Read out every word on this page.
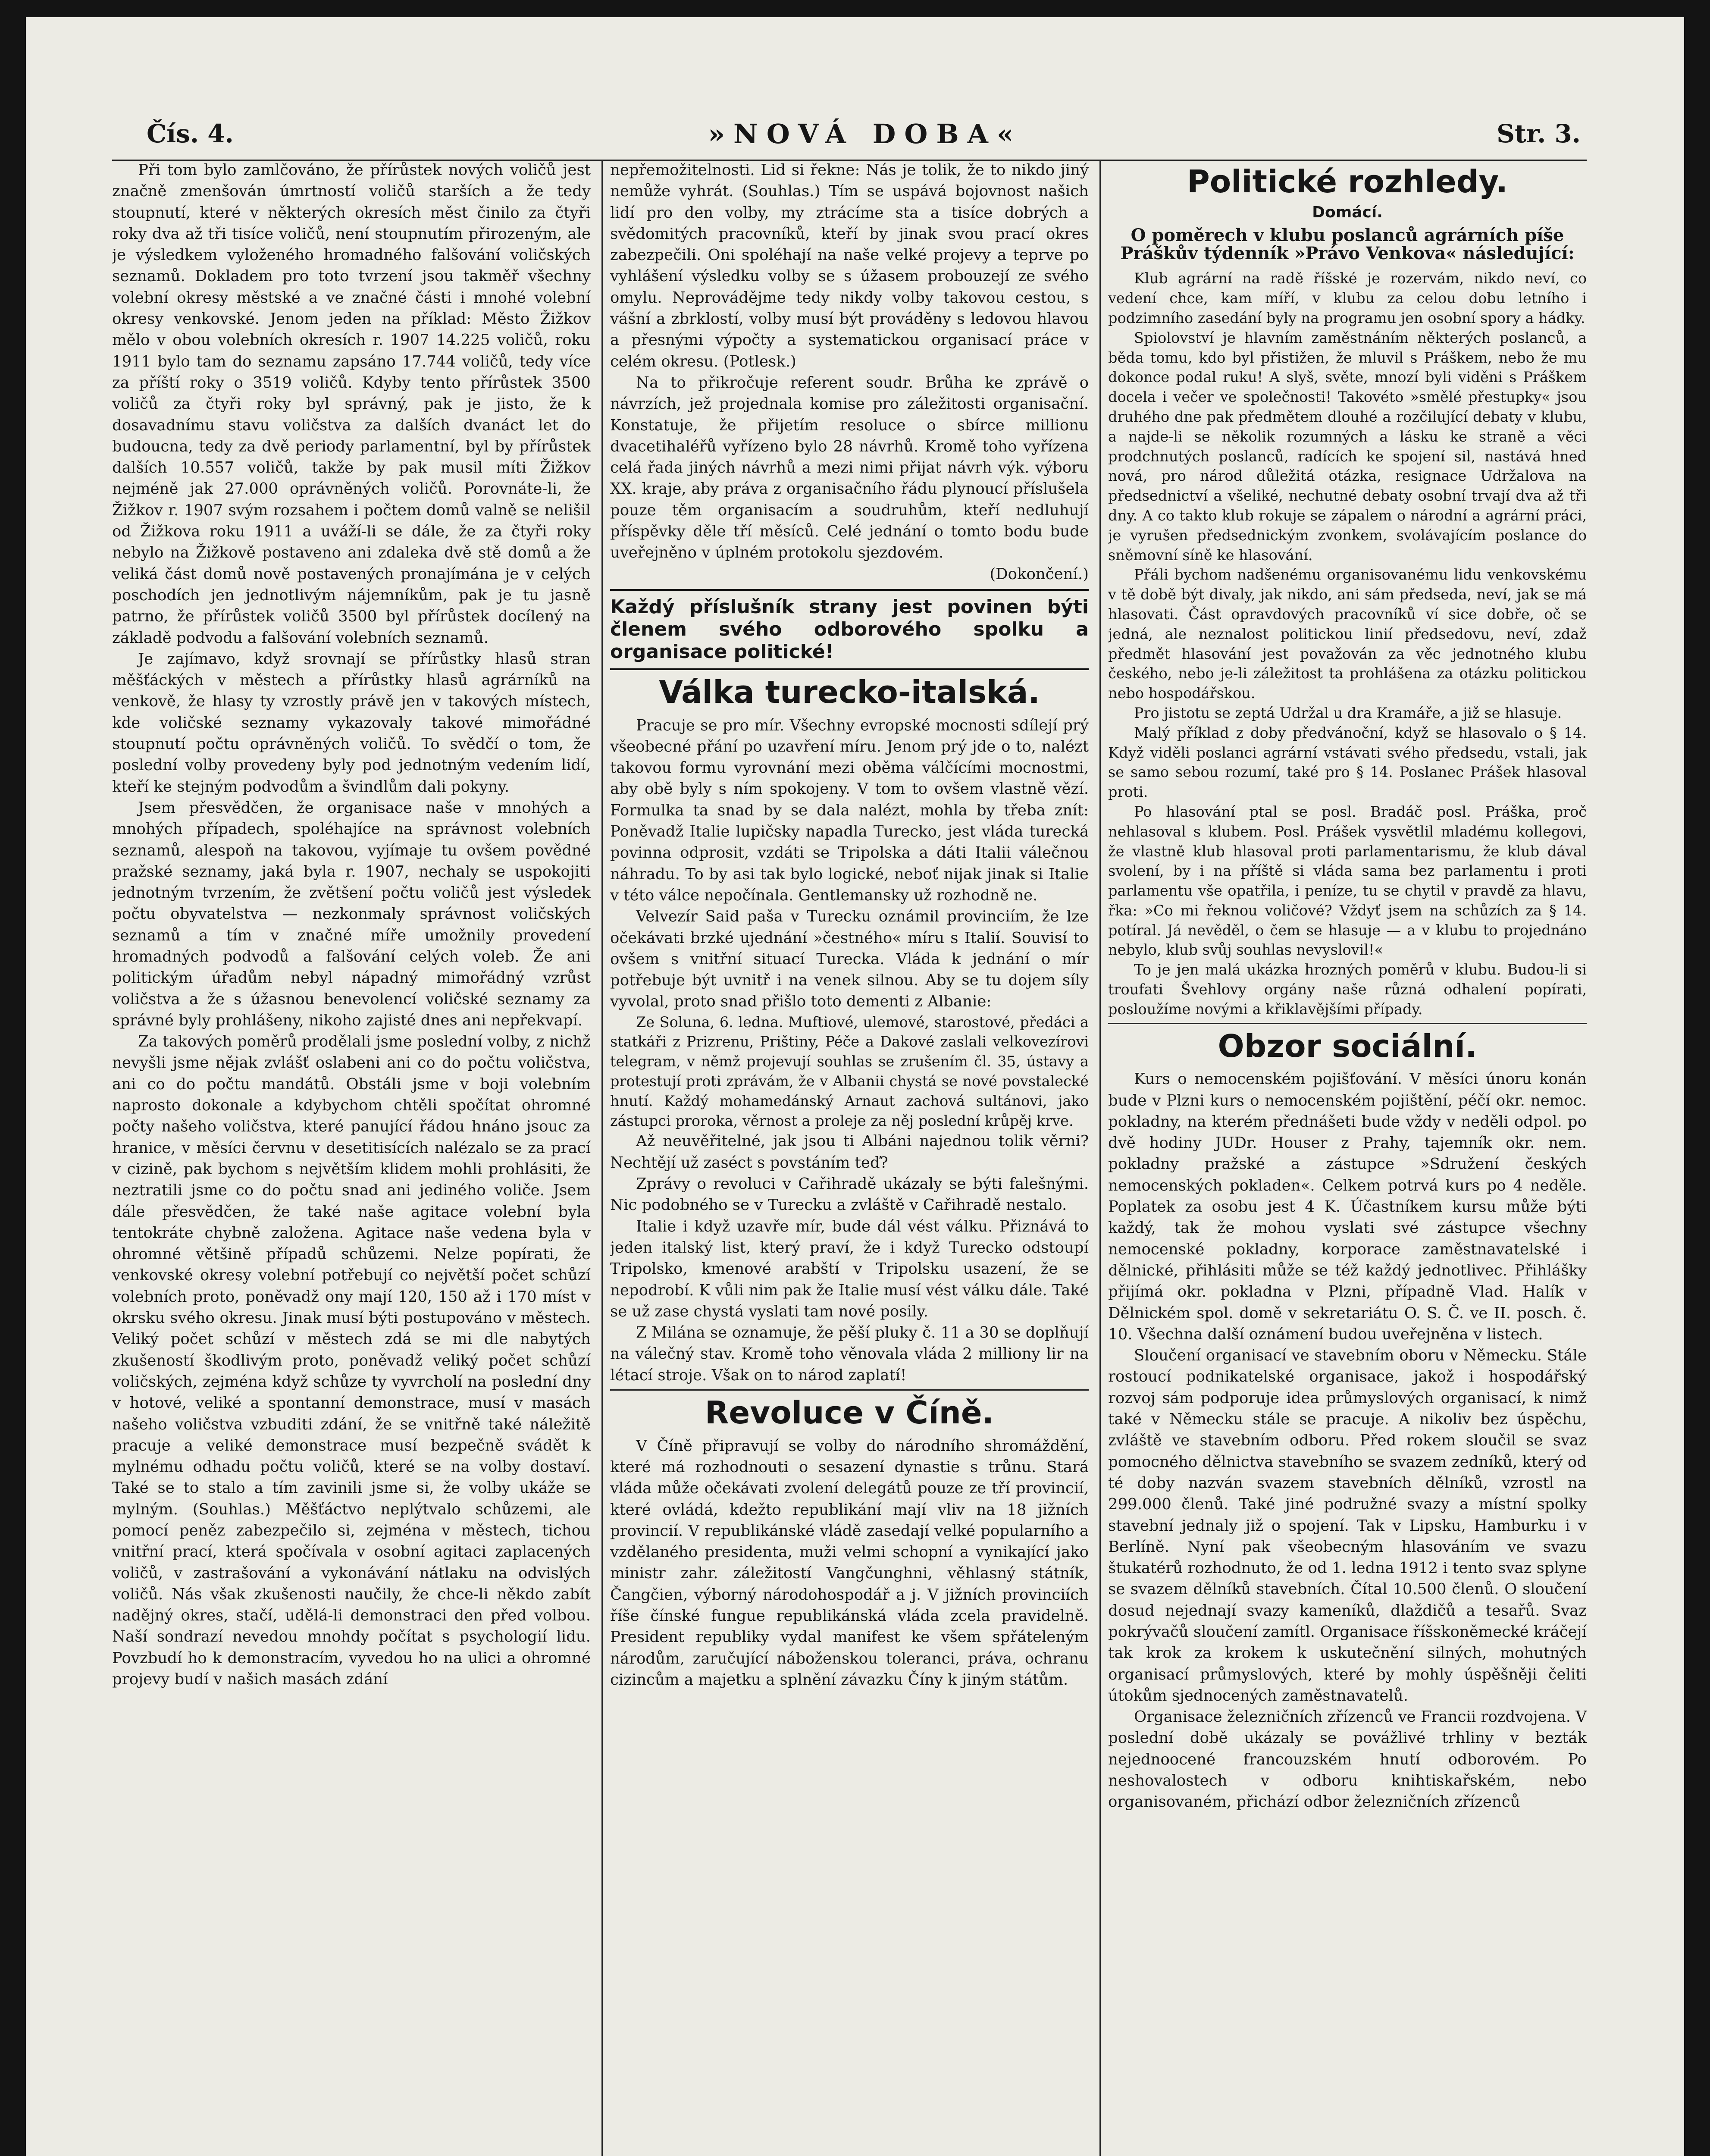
Čís. 4.	»NOVÁ DOBA«	Str. 3.

Při tom bylo zamlčováno, že přírůstek nových voličů jest značně zmenšován úmrtností voličů starších a že tedy stoupnutí, které v některých okresích měst činilo za čtyři roky dva až tři tisíce voličů, není stoupnutím přirozeným, ale je výsledkem vyloženého hromadného falšování voličských seznamů. Dokladem pro toto tvrzení jsou takměř všechny volební okresy městské a ve značné části i mnohé volební okresy venkovské. Jenom jeden na příklad: Město Žižkov mělo v obou volebních okresích r. 1907 14.225 voličů, roku 1911 bylo tam do seznamu zapsáno 17.744 voličů, tedy více za příští roky o 3519 voličů. Kdyby tento přírůstek 3500 voličů za čtyři roky byl správný, pak je jisto, že k dosavadnímu stavu voličstva za dalších dvanáct let do budoucna, tedy za dvě periody parlamentní, byl by přírůstek dalších 10.557 voličů, takže by pak musil míti Žižkov nejméně jak 27.000 oprávněných voličů. Porovnáte-li, že Žižkov r. 1907 svým rozsahem i počtem domů valně se nelišil od Žižkova roku 1911 a uváží-li se dále, že za čtyři roky nebylo na Žižkově postaveno ani zdaleka dvě stě domů a že veliká část domů nově postavených pronajímána je v celých poschodích jen jednotlivým nájemníkům, pak je tu jasně patrno, že přírůstek voličů 3500 byl přírůstek docílený na základě podvodu a falšování volebních seznamů.

Je zajímavo, když srovnají se přírůstky hlasů stran měšťáckých v městech a přírůstky hlasů agrárníků na venkově, že hlasy ty vzrostly právě jen v takových místech, kde voličské seznamy vykazovaly takové mimořádné stoupnutí počtu oprávněných voličů. To svědčí o tom, že poslední volby provedeny byly pod jednotným vedením lidí, kteří ke stejným podvodům a švindlům dali pokyny.

Jsem přesvědčen, že organisace naše v mnohých a mnohých případech, spoléhajíce na správnost volebních seznamů, alespoň na takovou, vyjímaje tu ovšem povědné pražské seznamy, jaká byla r. 1907, nechaly se uspokojiti jednotným tvrzením, že zvětšení počtu voličů jest výsledek počtu obyvatelstva — nezkonmaly správnost voličských seznamů a tím v značné míře umožnily provedení hromadných podvodů a falšování celých voleb. Že ani politickým úřadům nebyl nápadný mimořádný vzrůst voličstva a že s úžasnou benevolencí voličské seznamy za správné byly prohlášeny, nikoho zajisté dnes ani nepřekvapí.

Za takových poměrů prodělali jsme poslední volby, z nichž nevyšli jsme nějak zvlášť oslabeni ani co do počtu voličstva, ani co do počtu mandátů. Obstáli jsme v boji volebním naprosto dokonale a kdybychom chtěli spočítat ohromné počty našeho voličstva, které panující řádou hnáno jsouc za hranice, v měsíci červnu v desetitisících nalézalo se za prací v cizině, pak bychom s největším klidem mohli prohlásiti, že neztratili jsme co do počtu snad ani jediného voliče. Jsem dále přesvědčen, že také naše agitace volební byla tentokráte chybně založena. Agitace naše vedena byla v ohromné většině případů schůzemi. Nelze popírati, že venkovské okresy volební potřebují co největší počet schůzí volebních proto, poněvadž ony mají 120, 150 až i 170 míst v okrsku svého okresu. Jinak musí býti postupováno v městech. Veliký počet schůzí v městech zdá se mi dle nabytých zkušeností škodlivým proto, poněvadž veliký počet schůzí voličských, zejména když schůze ty vyvrcholí na poslední dny v hotové, veliké a spontanní demonstrace, musí v masách našeho voličstva vzbuditi zdání, že se vnitřně také náležitě pracuje a veliké demonstrace musí bezpečně svádět k mylnému odhadu počtu voličů, které se na volby dostaví. Také se to stalo a tím zavinili jsme si, že volby ukáže se mylným. (Souhlas.) Měšťáctvo neplýtvalo schůzemi, ale pomocí peněz zabezpečilo si, zejména v městech, tichou vnitřní prací, která spočívala v osobní agitaci zaplacených voličů, v zastrašování a vykonávání nátlaku na odvislých voličů. Nás však zkušenosti naučily, že chce-li někdo zabít nadějný okres, stačí, udělá-li demonstraci den před volbou. Naší sondrazí nevedou mnohdy počítat s psychologií lidu. Povzbudí ho k demonstracím, vyvedou ho na ulici a ohromné projevy budí v našich masách zdání

nepřemožitelnosti. Lid si řekne: Nás je tolik, že to nikdo jiný nemůže vyhrát. (Souhlas.) Tím se uspává bojovnost našich lidí pro den volby, my ztrácíme sta a tisíce dobrých a svědomitých pracovníků, kteří by jinak svou prací okres zabezpečili. Oni spoléhají na naše velké projevy a teprve po vyhlášení výsledku volby se s úžasem probouzejí ze svého omylu. Neprovádějme tedy nikdy volby takovou cestou, s vášní a zbrklostí, volby musí být prováděny s ledovou hlavou a přesnými výpočty a systematickou organisací práce v celém okresu. (Potlesk.)

Na to přikročuje referent soudr. Brůha ke zprávě o návrzích, jež projednala komise pro záležitosti organisační. Konstatuje, že přijetím resoluce o sbírce millionu dvacetihaléřů vyřízeno bylo 28 návrhů. Kromě toho vyřízena celá řada jiných návrhů a mezi nimi přijat návrh výk. výboru XX. kraje, aby práva z organisačního řádu plynoucí příslušela pouze těm organisacím a soudruhům, kteří nedluhují příspěvky děle tří měsíců. Celé jednání o tomto bodu bude uveřejněno v úplném protokolu sjezdovém.

(Dokončení.)

Každý příslušník strany jest povinen býti členem svého odborového spolku a organisace politické!
Válka turecko-italská.

Pracuje se pro mír. Všechny evropské mocnosti sdílejí prý všeobecné přání po uzavření míru. Jenom prý jde o to, nalézt takovou formu vyrovnání mezi oběma válčícími mocnostmi, aby obě byly s ním spokojeny. V tom to ovšem vlastně vězí. Formulka ta snad by se dala nalézt, mohla by třeba znít: Poněvadž Italie lupičsky napadla Turecko, jest vláda turecká povinna odprosit, vzdáti se Tripolska a dáti Italii válečnou náhradu. To by asi tak bylo logické, neboť nijak jinak si Italie v této válce nepočínala. Gentlemansky už rozhodně ne.

Velvezír Said paša v Turecku oznámil provinciím, že lze očekávati brzké ujednání »čestného« míru s Italií. Souvisí to ovšem s vnitřní situací Turecka. Vláda k jednání o mír potřebuje být uvnitř i na venek silnou. Aby se tu dojem síly vyvolal, proto snad přišlo toto dementi z Albanie:

Ze Soluna, 6. ledna. Muftiové, ulemové, starostové, předáci a statkáři z Prizrenu, Prištiny, Péče a Dakové zaslali velkovezírovi telegram, v němž projevují souhlas se zrušením čl. 35, ústavy a protestují proti zprávám, že v Albanii chystá se nové povstalecké hnutí. Každý mohamedánský Arnaut zachová sultánovi, jako zástupci proroka, věrnost a proleje za něj poslední krůpěj krve.

Až neuvěřitelné, jak jsou ti Albáni najednou tolik věrni? Nechtějí už zaséct s povstáním teď?

Zprávy o revoluci v Cařihradě ukázaly se býti falešnými. Nic podobného se v Turecku a zvláště v Cařihradě nestalo.

Italie i když uzavře mír, bude dál vést válku. Přiznává to jeden italský list, který praví, že i když Turecko odstoupí Tripolsko, kmenové arabští v Tripolsku usazení, že se nepodrobí. K vůli nim pak že Italie musí vést válku dále. Také se už zase chystá vyslati tam nové posily.

Z Milána se oznamuje, že pěší pluky č. 11 a 30 se doplňují na válečný stav. Kromě toho věnovala vláda 2 milliony lir na létací stroje. Však on to národ zaplatí!

Revoluce v Číně.

V Číně připravují se volby do národního shromáždění, které má rozhodnouti o sesazení dynastie s trůnu. Stará vláda může očekávati zvolení delegátů pouze ze tří provincií, které ovládá, kdežto republikání mají vliv na 18 jižních provincií. V republikánské vládě zasedají velké popularního a vzdělaného presidenta, muži velmi schopní a vynikající jako ministr zahr. záležitostí Vangčunghni, věhlasný státník, Čangčien, výborný národohospodář a j. V jižních provinciích říše čínské fungue republikánská vláda zcela pravidelně. President republiky vydal manifest ke všem spřáteleným národům, zaručující náboženskou toleranci, práva, ochranu cizincům a majetku a splnění závazku Číny k jiným státům.

Politické rozhledy.
Domácí.
O poměrech v klubu poslanců agrárních píše Práškův týdenník »Právo Venkova« následující:

Klub agrární na radě říšské je rozervám, nikdo neví, co vedení chce, kam míří, v klubu za celou dobu letního i podzimního zasedání byly na programu jen osobní spory a hádky.

Spiolovství je hlavním zaměstnáním některých poslanců, a běda tomu, kdo byl přistižen, že mluvil s Práškem, nebo že mu dokonce podal ruku! A slyš, světe, mnozí byli viděni s Práškem docela i večer ve společnosti! Takovéto »smělé přestupky« jsou druhého dne pak předmětem dlouhé a rozčilující debaty v klubu, a najde-li se několik rozumných a lásku ke straně a věci prodchnutých poslanců, radících ke spojení sil, nastává hned nová, pro národ důležitá otázka, resignace Udržalova na předsednictví a všeliké, nechutné debaty osobní trvají dva až tři dny. A co takto klub rokuje se zápalem o národní a agrární práci, je vyrušen předsednickým zvonkem, svolávajícím poslance do sněmovní síně ke hlasování.

Přáli bychom nadšenému organisovanému lidu venkovskému v tě době být divaly, jak nikdo, ani sám předseda, neví, jak se má hlasovati. Část opravdových pracovníků ví sice dobře, oč se jedná, ale neznalost politickou linií předsedovu, neví, zdaž předmět hlasování jest považován za věc jednotného klubu českého, nebo je-li záležitost ta prohlášena za otázku politickou nebo hospodářskou.

Pro jistotu se zeptá Udržal u dra Kramáře, a již se hlasuje.

Malý příklad z doby předvánoční, když se hlasovalo o § 14. Když viděli poslanci agrární vstávati svého předsedu, vstali, jak se samo sebou rozumí, také pro § 14. Poslanec Prášek hlasoval proti.

Po hlasování ptal se posl. Bradáč posl. Práška, proč nehlasoval s klubem. Posl. Prášek vysvětlil mladému kollegovi, že vlastně klub hlasoval proti parlamentarismu, že klub dával svolení, by i na příště si vláda sama bez parlamentu i proti parlamentu vše opatřila, i peníze, tu se chytil v pravdě za hlavu, řka: »Co mi řeknou voličové? Vždyť jsem na schůzích za § 14. potíral. Já nevěděl, o čem se hlasuje — a v klubu to projednáno nebylo, klub svůj souhlas nevyslovil!«

To je jen malá ukázka hrozných poměrů v klubu. Budou-li si troufati Švehlovy orgány naše různá odhalení popírati, posloužíme novými a křiklavějšími případy.

Obzor sociální.

Kurs o nemocenském pojišťování. V měsíci únoru konán bude v Plzni kurs o nemocenském pojištění, péčí okr. nemoc. pokladny, na kterém přednášeti bude vždy v neděli odpol. po dvě hodiny JUDr. Houser z Prahy, tajemník okr. nem. pokladny pražské a zástupce »Sdružení českých nemocenských pokladen«. Celkem potrvá kurs po 4 neděle. Poplatek za osobu jest 4 K. Účastníkem kursu může býti každý, tak že mohou vyslati své zástupce všechny nemocenské pokladny, korporace zaměstnavatelské i dělnické, přihlásiti může se též každý jednotlivec. Přihlášky přijímá okr. pokladna v Plzni, případně Vlad. Halík v Dělnickém spol. domě v sekretariátu O. S. Č. ve II. posch. č. 10. Všechna další oznámení budou uveřejněna v listech.

Sloučení organisací ve stavebním oboru v Německu. Stále rostoucí podnikatelské organisace, jakož i hospodářský rozvoj sám podporuje idea průmyslových organisací, k nimž také v Německu stále se pracuje. A nikoliv bez úspěchu, zvláště ve stavebním odboru. Před rokem sloučil se svaz pomocného dělnictva stavebního se svazem zedníků, který od té doby nazván svazem stavebních dělníků, vzrostl na 299.000 členů. Také jiné podružné svazy a místní spolky stavební jednaly již o spojení. Tak v Lipsku, Hamburku i v Berlíně. Nyní pak všeobecným hlasováním ve svazu štukatérů rozhodnuto, že od 1. ledna 1912 i tento svaz splyne se svazem dělníků stavebních. Čítal 10.500 členů. O sloučení dosud nejednají svazy kameníků, dlaždičů a tesařů. Svaz pokrývačů sloučení zamítl. Organisace říšskoněmecké kráčejí tak krok za krokem k uskutečnění silných, mohutných organisací průmyslových, které by mohly úspěšněji čeliti útokům sjednocených zaměstnavatelů.

Organisace železničních zřízenců ve Francii rozdvojena. V poslední době ukázaly se povážlivé trhliny v bezták nejednoocené francouzském hnutí odborovém. Po neshovalostech v odboru knihtiskařském, nebo organisovaném, přichází odbor železničních zřízenců
